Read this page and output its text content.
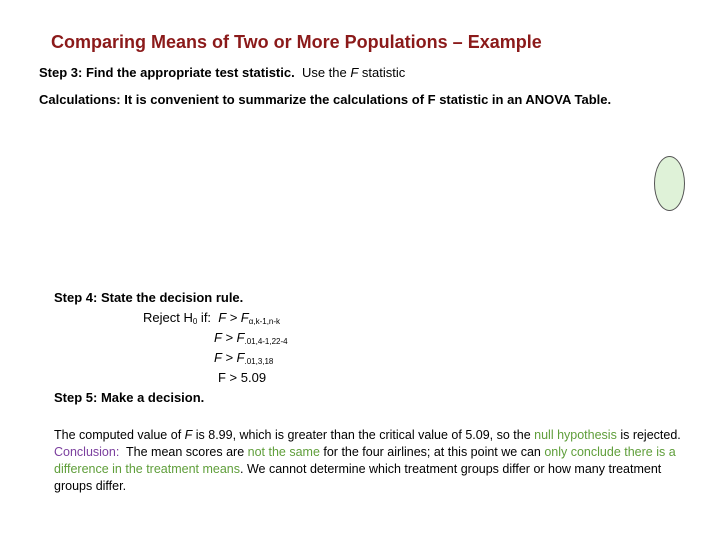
Comparing Means of Two or More Populations – Example
Step 3: Find the appropriate test statistic.  Use the F statistic
Calculations: It is convenient to summarize the calculations of F statistic in an ANOVA Table.
Step 4: State the decision rule.
Reject $H_0$ if:  $F > F_{\alpha,k-1,n-k}$
$F > F_{.01,4-1,22-4}$
$F > F_{.01,3,18}$
F > 5.09
Step 5: Make a decision.
The computed value of F is 8.99, which is greater than the critical value of 5.09, so the null hypothesis is rejected.
Conclusion:  The mean scores are not the same for the four airlines; at this point we can only conclude there is a difference in the treatment means. We cannot determine which treatment groups differ or how many treatment groups differ.
